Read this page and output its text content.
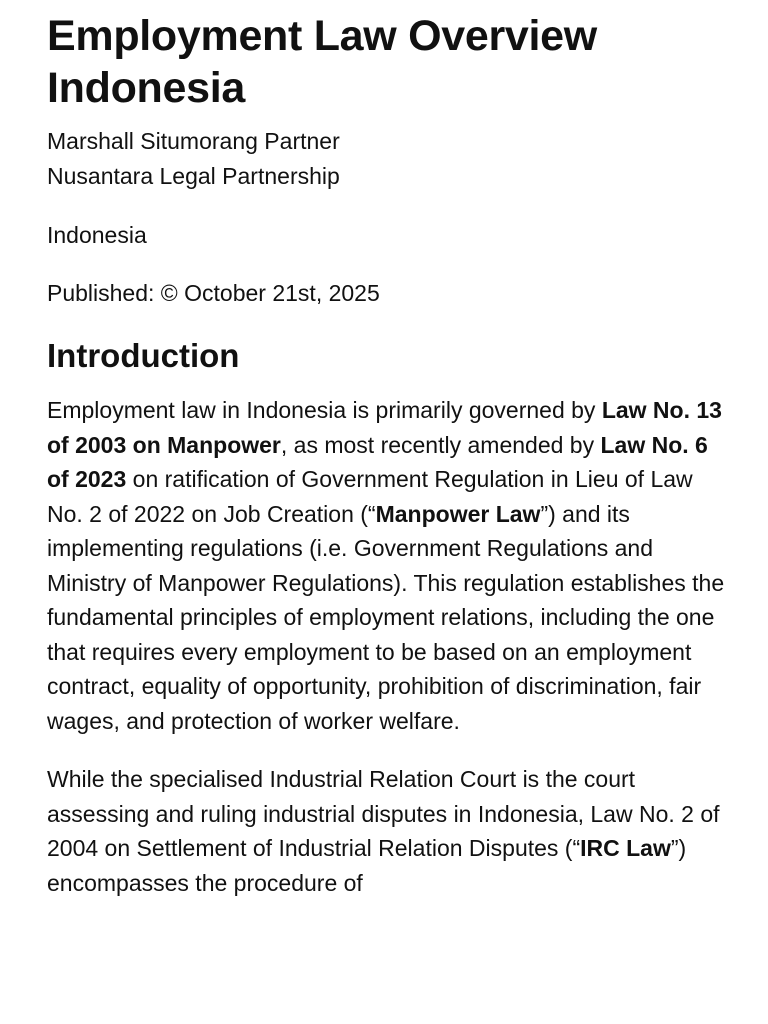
Employment Law Overview Indonesia
Marshall Situmorang Partner
Nusantara Legal Partnership
Indonesia
Published: © October 21st, 2025
Introduction

Employment law in Indonesia is primarily governed by Law No. 13 of 2003 on Manpower, as most recently amended by Law No. 6 of 2023 on ratification of Government Regulation in Lieu of Law No. 2 of 2022 on Job Creation (“Manpower Law”) and its implementing regulations (i.e. Government Regulations and Ministry of Manpower Regulations). This regulation establishes the fundamental principles of employment relations, including the one that requires every employment to be based on an employment contract, equality of opportunity, prohibition of discrimination, fair wages, and protection of worker welfare.

While the specialised Industrial Relation Court is the court assessing and ruling industrial disputes in Indonesia, Law No. 2 of 2004 on Settlement of Industrial Relation Disputes (“IRC Law”) encompasses the procedure of
